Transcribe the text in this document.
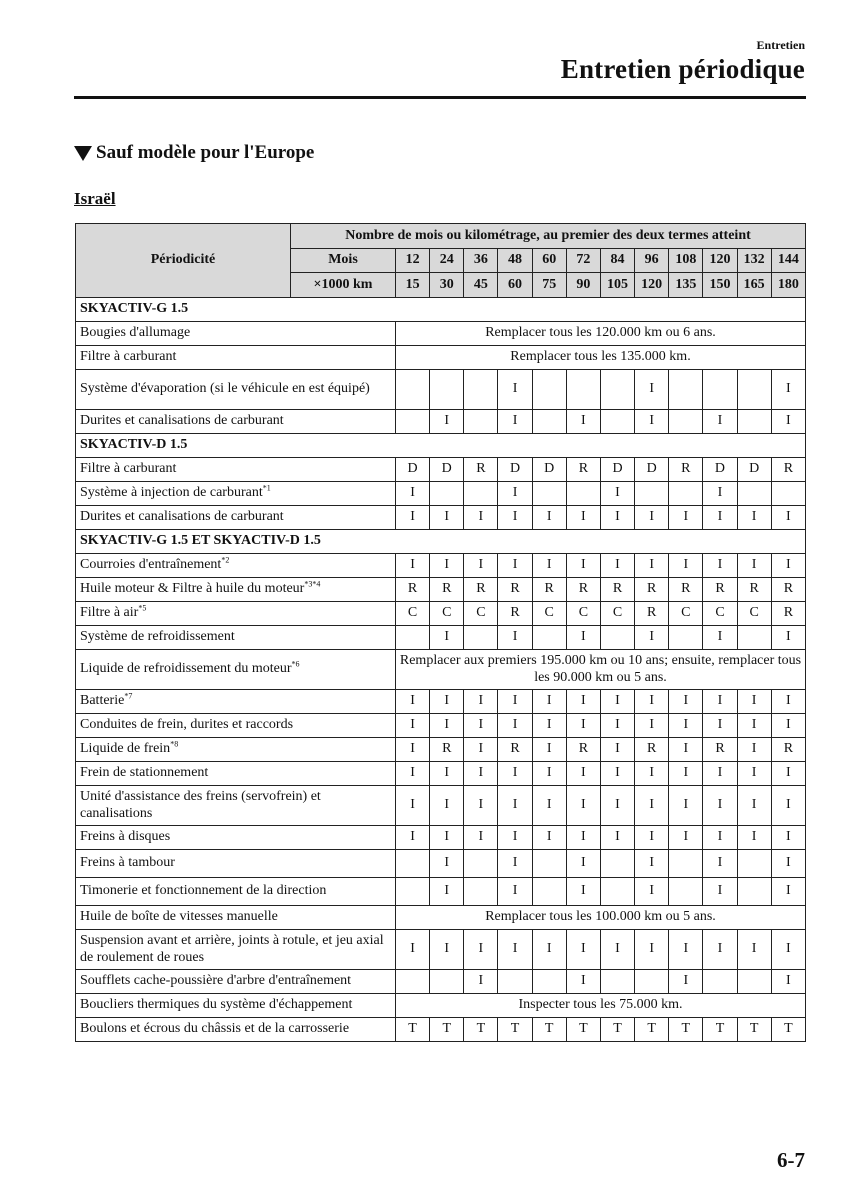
Entretien
Entretien périodique
Sauf modèle pour l'Europe
Israël
Périodicité	Nombre de mois ou kilométrage, au premier des deux termes atteint												
	Mois	12	24	36	48	60	72	84	96	108	120	132	144
	×1000 km	15	30	45	60	75	90	105	120	135	150	165	180
SKYACTIV-G 1.5													
Bougies d'allumage		Remplacer tous les 120.000 km ou 6 ans.											
Filtre à carburant		Remplacer tous les 135.000 km.											
Système d'évaporation (si le véhicule en est équipé)					I				I				I
Durites et canalisations de carburant			I		I		I		I		I		I
SKYACTIV-D 1.5													
Filtre à carburant		D	D	R	D	D	R	D	D	R	D	D	R
Système à injection de carburant$^{*1}$		I			I			I			I		
Durites et canalisations de carburant		I	I	I	I	I	I	I	I	I	I	I	I
SKYACTIV-G 1.5 ET SKYACTIV-D 1.5													
Courroies d'entraînement$^{*2}$		I	I	I	I	I	I	I	I	I	I	I	I
Huile moteur & Filtre à huile du moteur$^{*3*4}$		R	R	R	R	R	R	R	R	R	R	R	R
Filtre à air$^{*5}$		C	C	C	R	C	C	C	R	C	C	C	R
Système de refroidissement			I		I		I		I		I		I
Liquide de refroidissement du moteur$^{*6}$		Remplacer aux premiers 195.000 km ou 10 ans; ensuite, remplacer tous les 90.000 km ou 5 ans.											
Batterie$^{*7}$		I	I	I	I	I	I	I	I	I	I	I	I
Conduites de frein, durites et raccords		I	I	I	I	I	I	I	I	I	I	I	I
Liquide de frein$^{*8}$		I	R	I	R	I	R	I	R	I	R	I	R
Frein de stationnement		I	I	I	I	I	I	I	I	I	I	I	I
Unité d'assistance des freins (servofrein) et canalisations		I	I	I	I	I	I	I	I	I	I	I	I
Freins à disques		I	I	I	I	I	I	I	I	I	I	I	I
Freins à tambour			I		I		I		I		I		I
Timonerie et fonctionnement de la direction			I		I		I		I		I		I
Huile de boîte de vitesses manuelle		Remplacer tous les 100.000 km ou 5 ans.											
Suspension avant et arrière, joints à rotule, et jeu axial de roulement de roues		I	I	I	I	I	I	I	I	I	I	I	I
Soufflets cache-poussière d'arbre d'entraînement				I			I			I			I
Boucliers thermiques du système d'échappement		Inspecter tous les 75.000 km.											
Boulons et écrous du châssis et de la carrosserie		T	T	T	T	T	T	T	T	T	T	T	T
6-7
